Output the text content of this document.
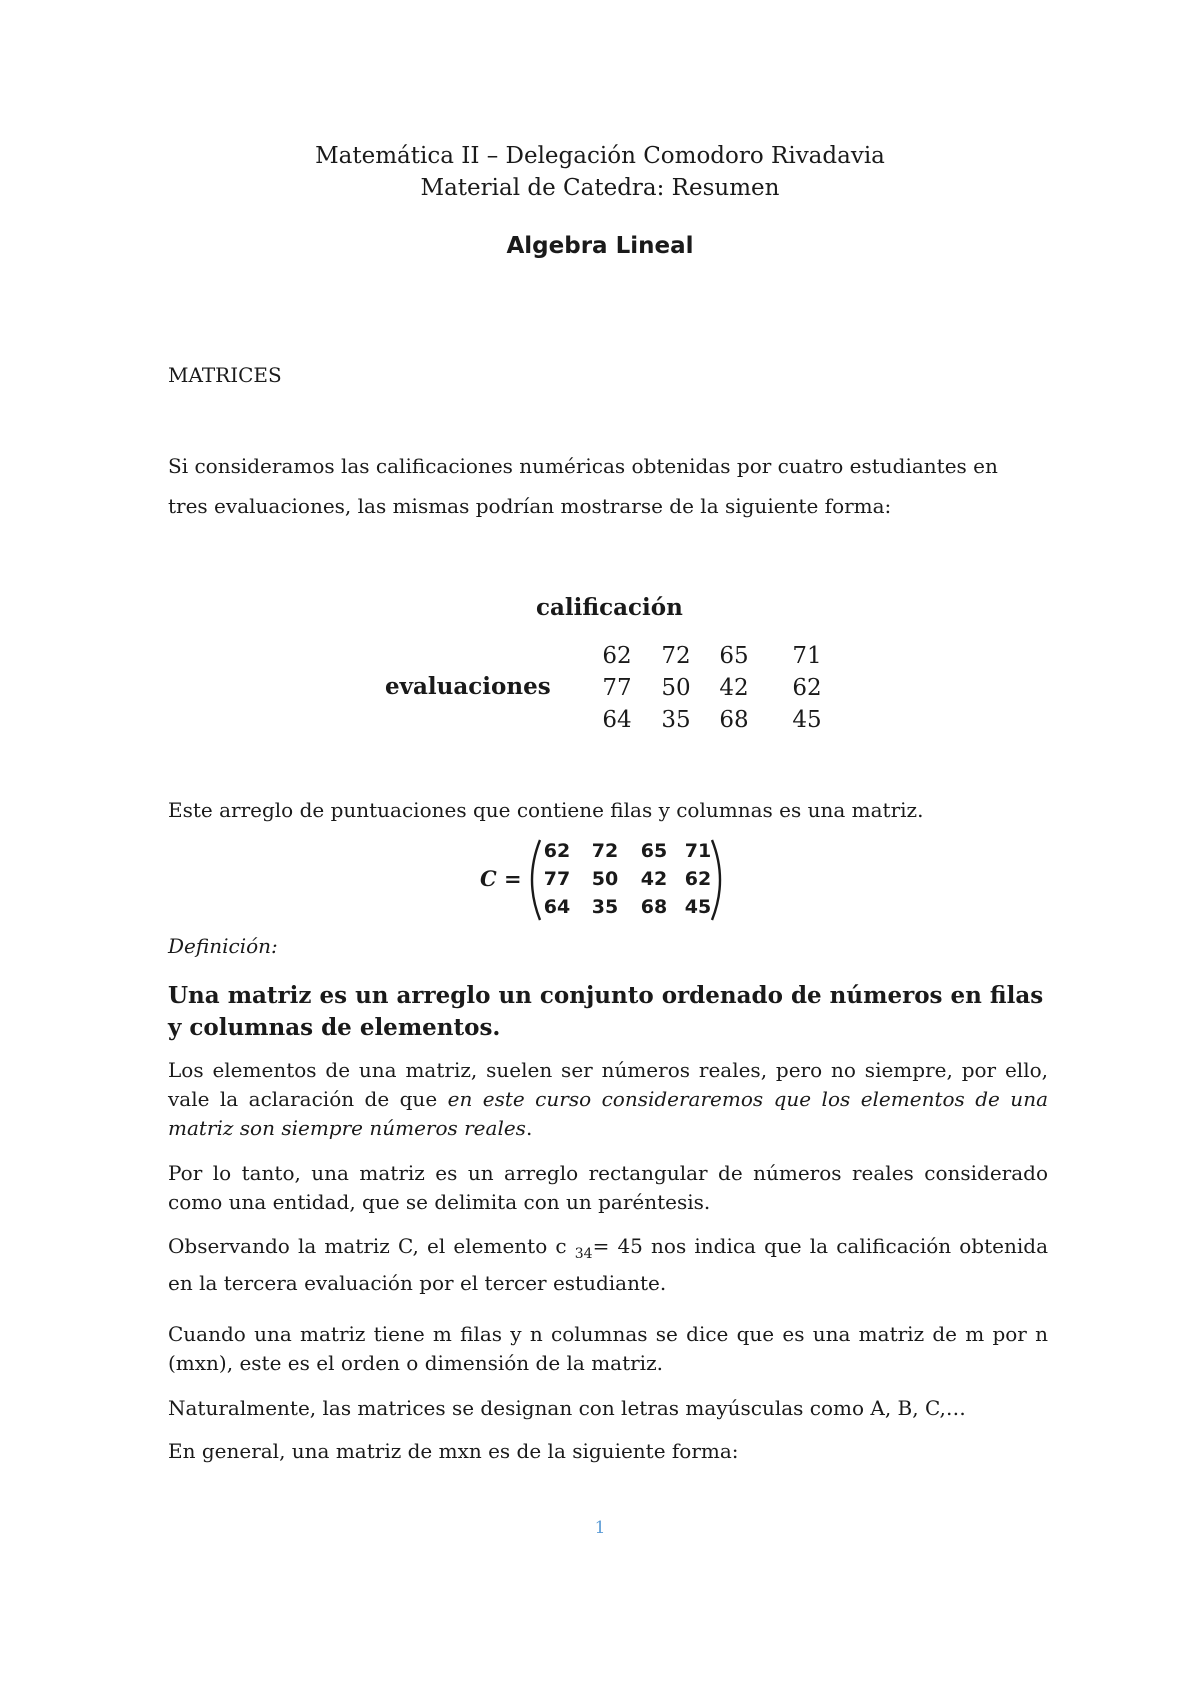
Matemática II – Delegación Comodoro Rivadavia
Material de Catedra: Resumen
Algebra Lineal
MATRICES
Si consideramos las calificaciones numéricas obtenidas por cuatro estudiantes en
tres evaluaciones, las mismas podrían mostrarse de la siguiente forma:
calificación
evaluaciones
62	72	65	71
77	50	42	62
64	35	68	45
Este arreglo de puntuaciones que contiene filas y columnas es una matriz.
C =
62	72	65 71
77	50	42 62
64	35	68 45
Definición:
Una matriz es un arreglo un conjunto ordenado de números en filas y columnas de elementos.

Los elementos de una matriz, suelen ser números reales, pero no siempre, por ello, vale la aclaración de que en este curso consideraremos que los elementos de una matriz son siempre números reales.

Por lo tanto, una matriz es un arreglo rectangular de números reales considerado como una entidad, que se delimita con un paréntesis.

Observando la matriz C, el elemento c $_{34}$= 45 nos indica que la calificación obtenida en la tercera evaluación por el tercer estudiante.

Cuando una matriz tiene m filas y n columnas se dice que es una matriz de m por n (mxn), este es el orden o dimensión de la matriz.

Naturalmente, las matrices se designan con letras mayúsculas como A, B, C,…

En general, una matriz de mxn es de la siguiente forma:

1
